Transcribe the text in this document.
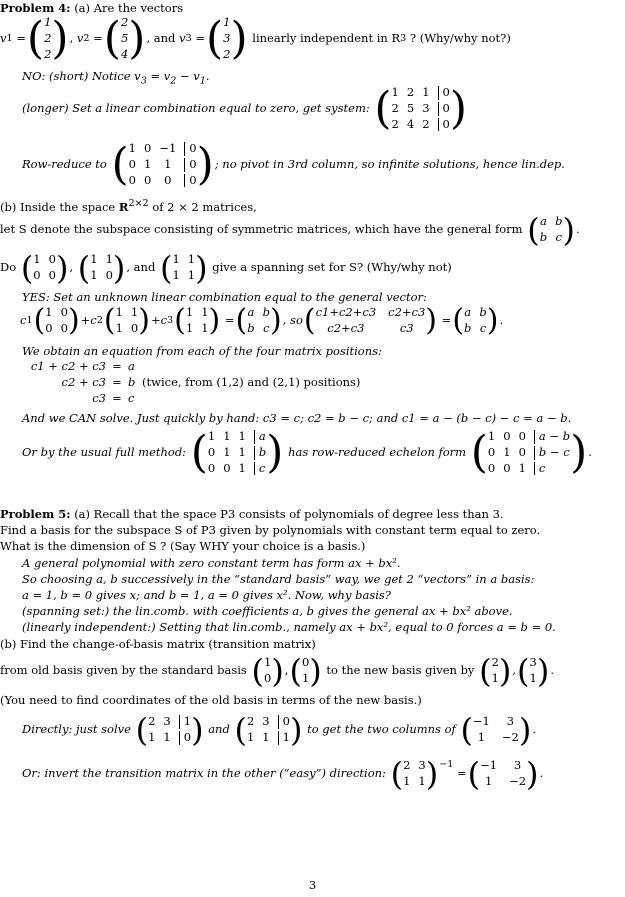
Problem 4: (a) Are the vectors
v 1 = ( 1
2
2 ) , v 2 = ( 2
5
4 ) , and v 3 = ( 1
3
2 )
linearly independent in R 3
? (Why/why not?)
NO: (short) Notice $v_3 = v_2 - v_1$.
(longer) Set a linear combination equal to zero, get system:
( 1 2 1	0
2 5 3	0
2 4 2	0 )
Row-reduce to
( 1 0 −1	0
0 1	1	0
0 0	0	0 ) ; no pivot in 3rd column, so infinite solutions, hence lin.dep.
(b) Inside the space $R^{2\times 2}$ of 2 × 2 matrices,
let S denote the subspace consisting of symmetric matrices, which have the general form
( a b
b c ) .
Do
( 1 0
0 0 ) , ( 1 1
1 0 ) , and ( 1 1
1 1 )
give a spanning set for S? (Why/why not)
YES: Set an unknown linear combination equal to the general vector:
c 1 ( 1 0
0 0 ) + c 2 ( 1 1
1 0 ) + c 3 ( 1 1
1 1 ) = ( a b
b c ) , so ( c1+c2+c3 c2+c3
c2+c3	c3 ) = ( a b
b c ) .
We obtain an equation from each of the four matrix positions:
c1 + c2 + c3 = a
c2 + c3 = b (twice, from (1,2) and (2,1) positions)
c3 = c
And we CAN solve. Just quickly by hand: c3 = c; c2 = b − c; and c1 = a − (b − c) − c = a − b.
Or by the usual full method:
( 1 1 1	a
0 1 1	b
0 0 1	c )
has row-reduced echelon form
( 1 0 0	a − b
0 1 0	b − c
0 0 1	c ) .
Problem 5: (a) Recall that the space P3 consists of polynomials of degree less than 3.
Find a basis for the subspace S of P3 given by polynomials with constant term equal to zero.
What is the dimension of S ? (Say WHY your choice is a basis.)
A general polynomial with zero constant term has form ax + bx².
So choosing a, b successively in the “standard basis” way, we get 2 “vectors” in a basis:
a = 1, b = 0 gives x; and b = 1, a = 0 gives x². Now, why basis?
(spanning set:) the lin.comb. with coefficients a, b gives the general ax + bx² above.
(linearly independent:) Setting that lin.comb., namely ax + bx², equal to 0 forces a = b = 0.
(b) Find the change-of-basis matrix (transition matrix)
from old basis given by the standard basis
( 1
0 ) , ( 0
1 )
to the new basis given by
( 2
1 ) , ( 3
1 ) .
(You need to find coordinates of the old basis in terms of the new basis.)
Directly: just solve
( 2 3	1
1 1	0 )
and
( 2 3	0
1 1	1 )
to get the two columns of
( −1	3
1	−2 ) .
Or: invert the transition matrix in the other (“easy”) direction:
( 2 3
1 1 )$^{-1}$
= ( −1	3
1	−2 ) .
3
